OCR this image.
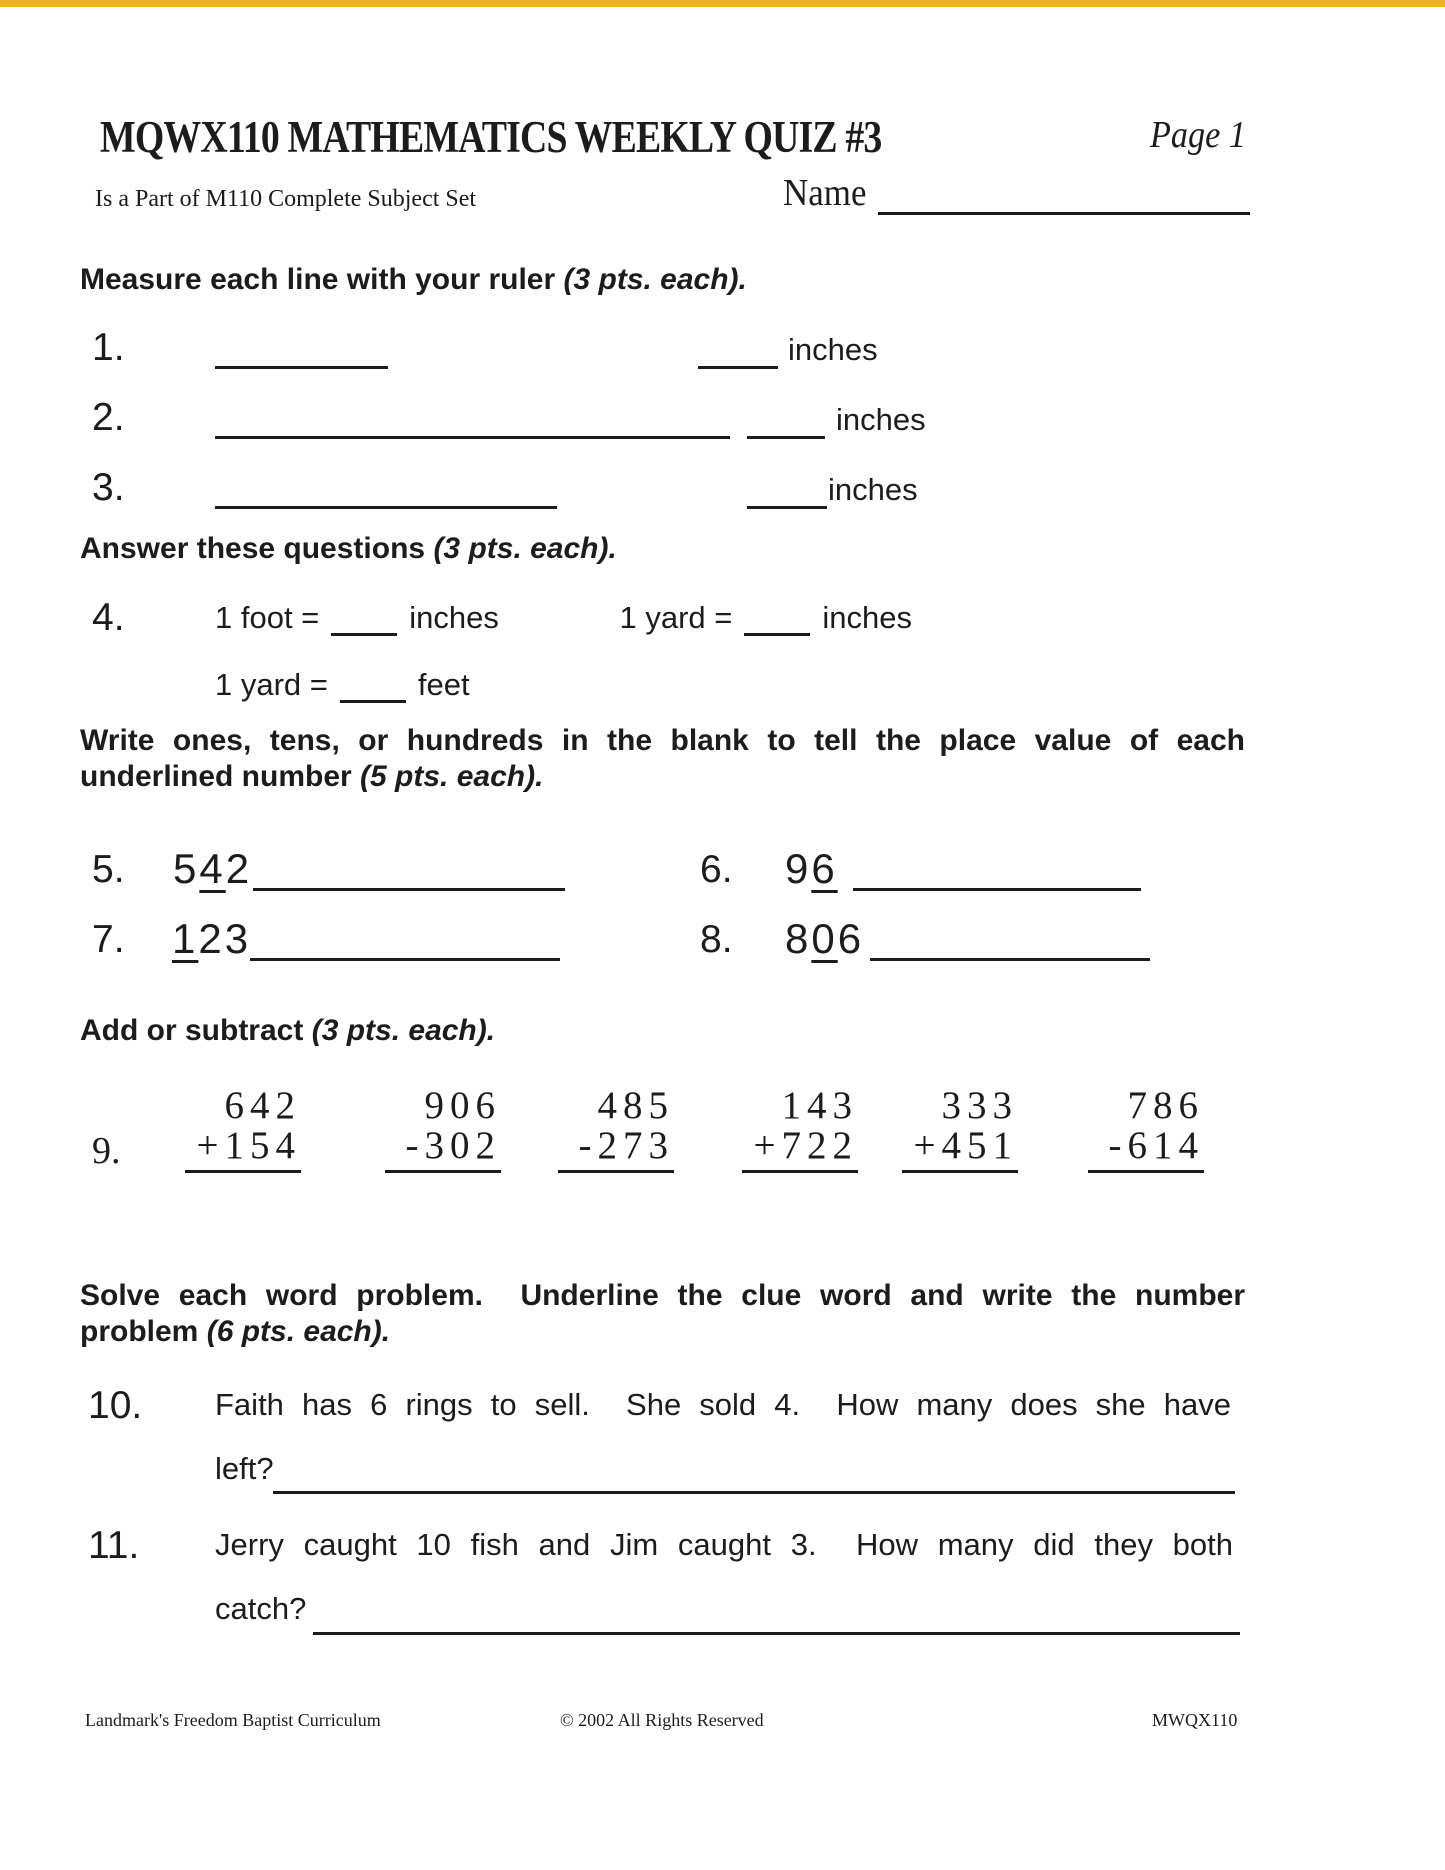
MQWX110 MATHEMATICS WEEKLY QUIZ #3	Page 1
Is a Part of M110 Complete Subject Set	Name
Measure each line with your ruler (3 pts. each).
1.	inches
2.	inches
3.	inches
Answer these questions (3 pts. each).
4.	1 foot =	inches	1 yard =	inches
1 yard =	feet
Write ones, tens, or hundreds in the blank to tell the place value of each
underlined number (5 pts. each).
5. 542	6. 96
7. 123	8. 806
Add or subtract (3 pts. each).
9.
642
+154
906
-302
485
-273
143
+722
333
+451
786
-614
Solve each word problem.  Underline the clue word and write the number
problem (6 pts. each).
10. Faith has 6 rings to sell.  She sold 4.  How many does she have
left?
11. Jerry caught 10 fish and Jim caught 3.  How many did they both
catch?
Landmark's Freedom Baptist Curriculum	© 2002 All Rights Reserved	MWQX110
